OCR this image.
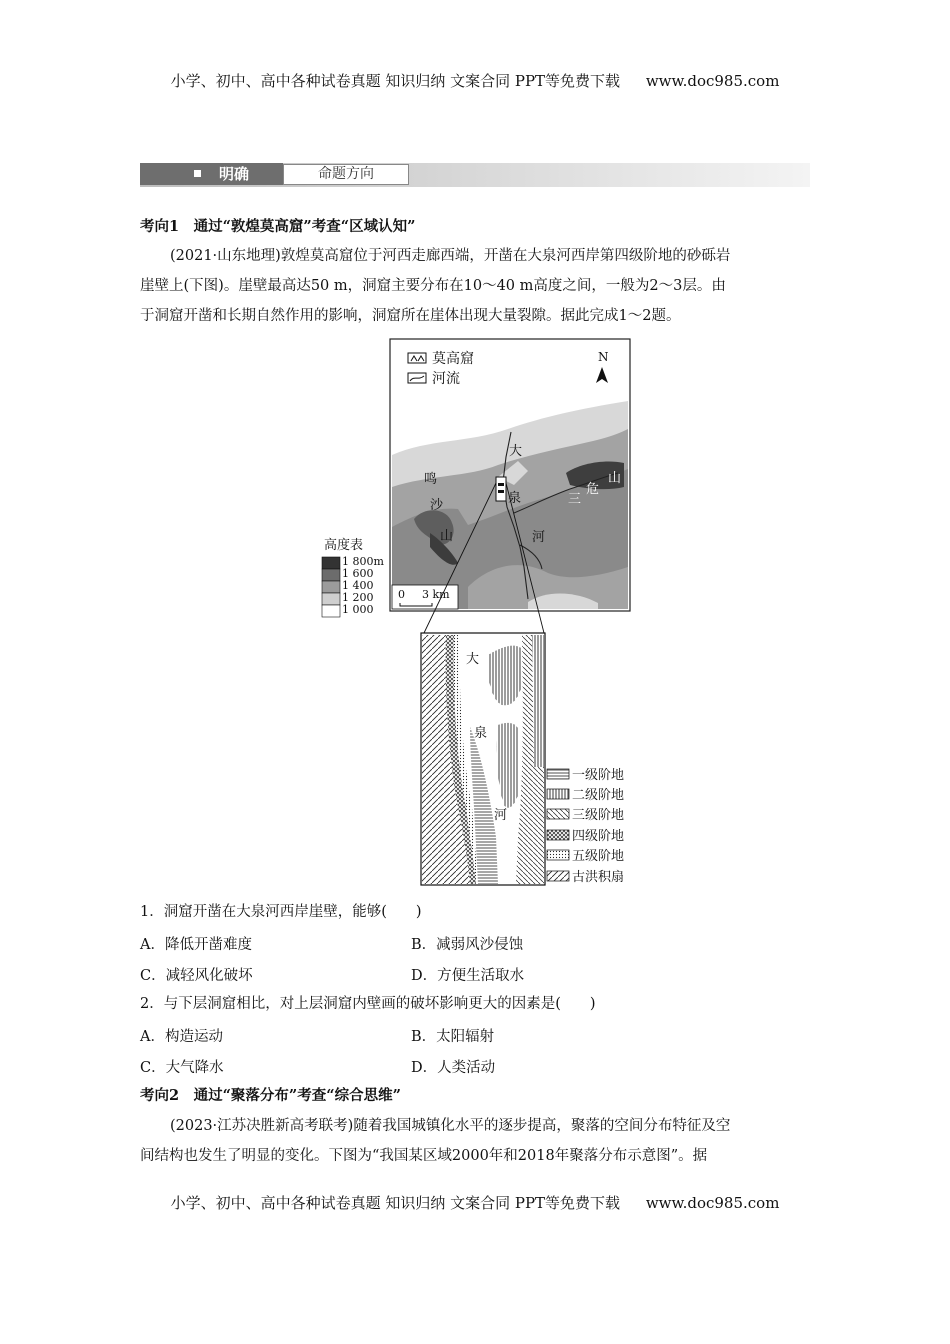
小学、初中、高中各种试卷真题 知识归纳 文案合同 PPT等免费下载 www.doc985.com
明确	命题方向
考向1　通过“敦煌莫高窟”考查“区域认知”
(2021·山东地理)敦煌莫高窟位于河西走廊西端，开凿在大泉河西岸第四级阶地的砂砾岩
崖壁上(下图)。崖壁最高达50 m，洞窟主要分布在10～40 m高度之间，一般为2～3层。由
于洞窟开凿和长期自然作用的影响，洞窟所在崖体出现大量裂隙。据此完成1～2题。
莫高窟
河流
N
鸣
沙
山
大
泉
河
三
危
山
0 3 km
高度表
1 800m
1 600
1 400
1 200
1 000
大
泉
河
一级阶地
二级阶地
三级阶地
四级阶地
五级阶地
古洪积扇
1．洞窟开凿在大泉河西岸崖壁，能够(　　)
A．降低开凿难度	B．减弱风沙侵蚀
C．减轻风化破坏	D．方便生活取水
2．与下层洞窟相比，对上层洞窟内壁画的破坏影响更大的因素是(　　)
A．构造运动	B．太阳辐射
C．大气降水	D．人类活动
考向2　通过“聚落分布”考查“综合思维”
(2023·江苏决胜新高考联考)随着我国城镇化水平的逐步提高，聚落的空间分布特征及空
间结构也发生了明显的变化。下图为“我国某区域2000年和2018年聚落分布示意图”。据
小学、初中、高中各种试卷真题 知识归纳 文案合同 PPT等免费下载 www.doc985.com
